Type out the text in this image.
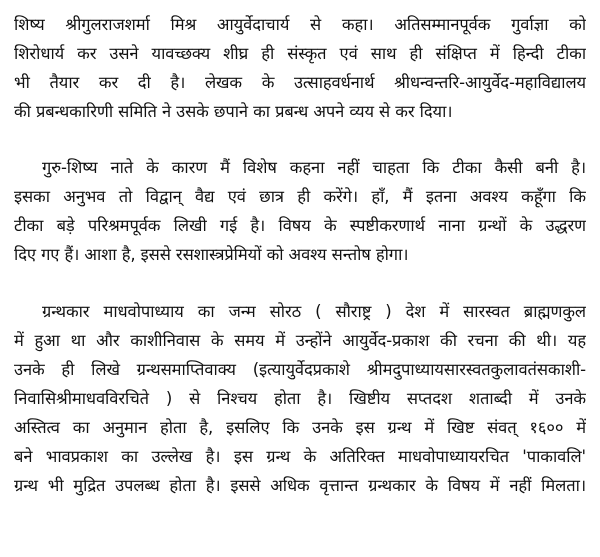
शिष्य श्रीगुलराजशर्मा मिश्र आयुर्वेदाचार्य से कहा। अतिसम्मानपूर्वक गुर्वाज्ञा को
शिरोधार्य कर उसने यावच्छक्य शीघ्र ही संस्कृत एवं साथ ही संक्षिप्त में हिन्दी टीका
भी तैयार कर दी है। लेखक के उत्साहवर्धनार्थ श्रीधन्वन्तरि-आयुर्वेद-महाविद्यालय
की प्रबन्धकारिणी समिति ने उसके छपाने का प्रबन्ध अपने व्यय से कर दिया।
गुरु-शिष्य नाते के कारण मैं विशेष कहना नहीं चाहता कि टीका कैसी बनी है।
इसका अनुभव तो विद्वान् वैद्य एवं छात्र ही करेंगे। हाँ, मैं इतना अवश्य कहूँगा कि
टीका बड़े परिश्रमपूर्वक लिखी गई है। विषय के स्पष्टीकरणार्थ नाना ग्रन्थों के उद्धरण
दिए गए हैं। आशा है, इससे रसशास्त्रप्रेमियों को अवश्य सन्तोष होगा।
ग्रन्थकार माधवोपाध्याय का जन्म सोरठ ( सौराष्ट्र ) देश में सारस्वत ब्राह्मणकुल
में हुआ था और काशीनिवास के समय में उन्होंने आयुर्वेद-प्रकाश की रचना की थी। यह
उनके ही लिखे ग्रन्थसमाप्तिवाक्य (इत्यायुर्वेदप्रकाशे श्रीमदुपाध्यायसारस्वतकुलावतंसकाशी-
निवासिश्रीमाधवविरचिते ) से निश्चय होता है। खिष्टीय सप्तदश शताब्दी में उनके
अस्तित्व का अनुमान होता है, इसलिए कि उनके इस ग्रन्थ में खिष्ट संवत् १६०० में
बने भावप्रकाश का उल्लेख है। इस ग्रन्थ के अतिरिक्त माधवोपाध्यायरचित 'पाकावलि'
ग्रन्थ भी मुद्रित उपलब्ध होता है। इससे अधिक वृत्तान्त ग्रन्थकार के विषय में नहीं मिलता।
